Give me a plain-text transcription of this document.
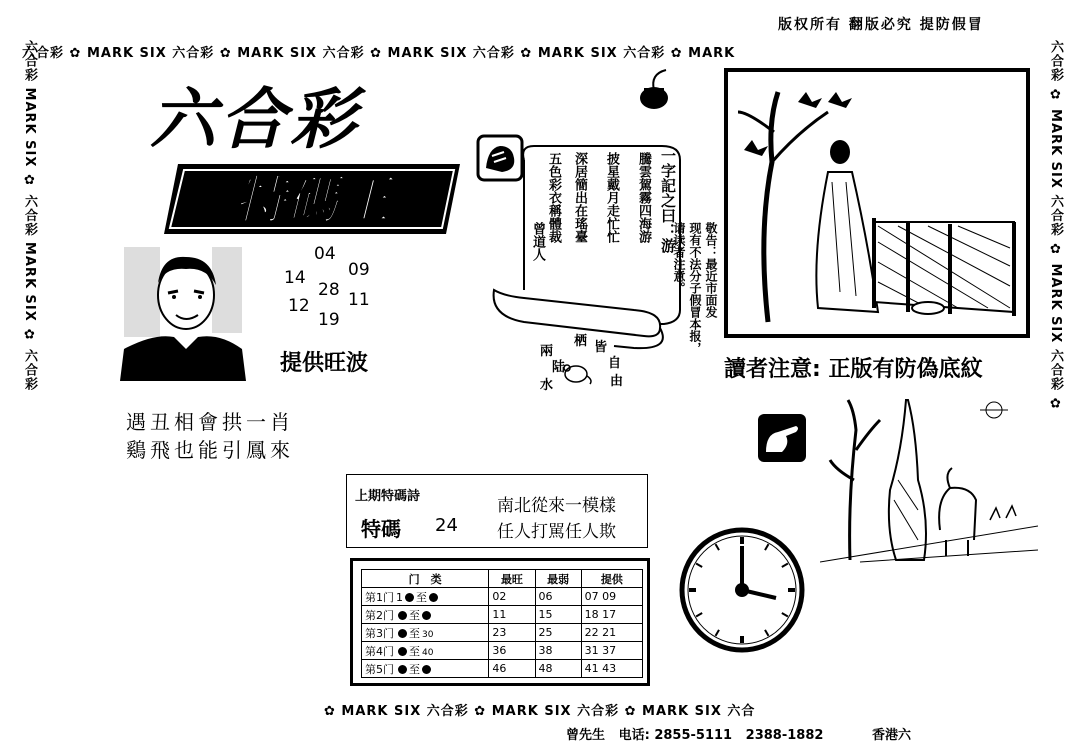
版权所有 翻版必究 提防假冒
六合彩 ✿ MARK SIX 六合彩 ✿ MARK SIX 六合彩 ✿ MARK SIX 六合彩 ✿ MARK SIX 六合彩 ✿ MARK
✿ MARK SIX 六合彩 ✿ MARK SIX 六合彩 ✿ MARK SIX 六合
六合彩 MARK SIX ✿ 六合彩 MARK SIX ✿ 六合彩	六合彩 ✿ MARK SIX 六合彩 ✿ MARK SIX 六合彩 ✿
六合彩
特碼王
04
14 09
28
12 11
19
提供旺波
遇丑相會拱一肖
鷄飛也能引鳳來
一字記之曰：游
騰雲駕霧四海游
披星戴月走忙忙
深居簡出在瑤臺
五色彩衣稱體裁
曾道人
兩
栖 皆
陆	自
水	由
敬告：最近市面发
现有不法分子假冒本报，
请读者注意。
讀者注意: 正版有防偽底紋
上期特碼詩
特碼 24
南北從來一模樣
任人打駡任人欺
门　类	最旺	最弱	提供
第1门 1 至	02	06	07 09
第2门 至	11	15	18 17
第3门 至 30	23	25	22 21
第4门 至 40	36	38	31 37
第5门 至	46	48	41 43
曾先生 电话: 2855-5111 2388-1882	香港六
